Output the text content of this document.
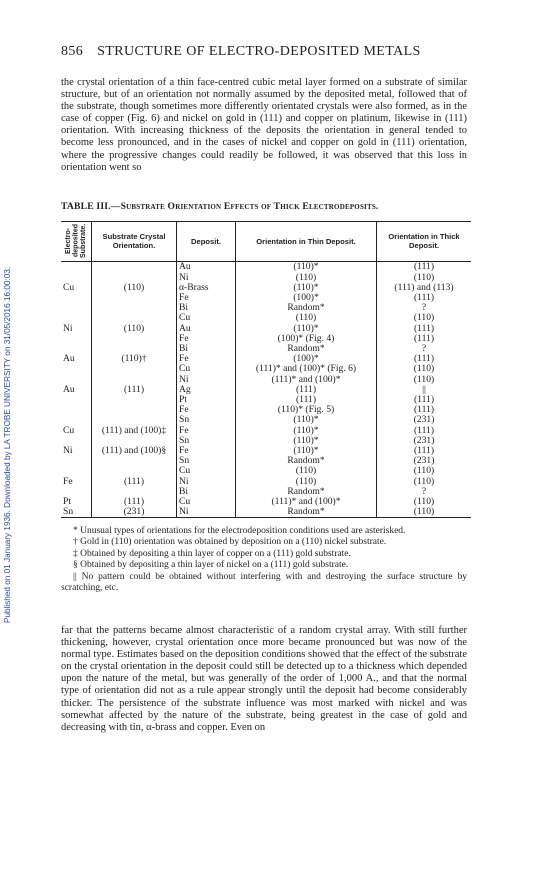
Published on 01 January 1936. Downloaded by LA TROBE UNIVERSITY on 31/05/2016 16:00:03.
856 STRUCTURE OF ELECTRO-DEPOSITED METALS

the crystal orientation of a thin face-centred cubic metal layer formed on a substrate of similar structure, but of an orientation not normally assumed by the deposited metal, followed that of the substrate, though sometimes more differently orientated crystals were also formed, as in the case of copper (Fig. 6) and nickel on gold in (111) and copper on platinum, likewise in (111) orientation. With increasing thickness of the deposits the orientation in general tended to become less pronounced, and in the cases of nickel and copper on gold in (111) orientation, where the progressive changes could readily be followed, it was observed that this loss in orientation went so

TABLE III.—Substrate Orientation Effects of Thick Electrodeposits.
Electro-deposited Substrate.	Substrate Crystal Orientation.	Deposit.	Orientation in Thin Deposit.	Orientation in Thick Deposit.
		Au	(110)*	(111)
		Ni	(110)	(110)
Cu	(110)	α-Brass	(110)*	(111) and (113)
		Fe	(100)*	(111)
		Bi	Random*	?
		Cu	(110)	(110)
Ni	(110)	Au	(110)*	(111)
		Fe	(100)* (Fig. 4)	(111)
		Bi	Random*	?
Au	(110)†	Fe	(100)*	(111)
		Cu	(111)* and (100)* (Fig. 6)	(110)
		Ni	(111)* and (100)*	(110)
Au	(111)	Ag	(111)	||
		Pt	(111)	(111)
		Fe	(110)* (Fig. 5)	(111)
		Sn	(110)*	(231)
Cu	(111) and (100)‡	Fe	(110)*	(111)
		Sn	(110)*	(231)
Ni	(111) and (100)§	Fe	(110)*	(111)
		Sn	Random*	(231)
		Cu	(110)	(110)
Fe	(111)	Ni	(110)	(110)
		Bi	Random*	?
Pt	(111)	Cu	(111)* and (100)*	(110)
Sn	(231)	Ni	Random*	(110)

* Unusual types of orientations for the electrodeposition conditions used are asterisked.

† Gold in (110) orientation was obtained by deposition on a (110) nickel substrate.

‡ Obtained by depositing a thin layer of copper on a (111) gold substrate.

§ Obtained by depositing a thin layer of nickel on a (111) gold substrate.

|| No pattern could be obtained without interfering with and destroying the surface structure by scratching, etc.

far that the patterns became almost characteristic of a random crystal array. With still further thickening, however, crystal orientation once more became pronounced but was now of the normal type. Estimates based on the deposition conditions showed that the effect of the substrate on the crystal orientation in the deposit could still be detected up to a thickness which depended upon the nature of the metal, but was generally of the order of 1,000 A., and that the normal type of orientation did not as a rule appear strongly until the deposit had become considerably thicker. The persistence of the substrate influence was most marked with nickel and was somewhat affected by the nature of the substrate, being greatest in the case of gold and decreasing with tin, α-brass and copper. Even on
